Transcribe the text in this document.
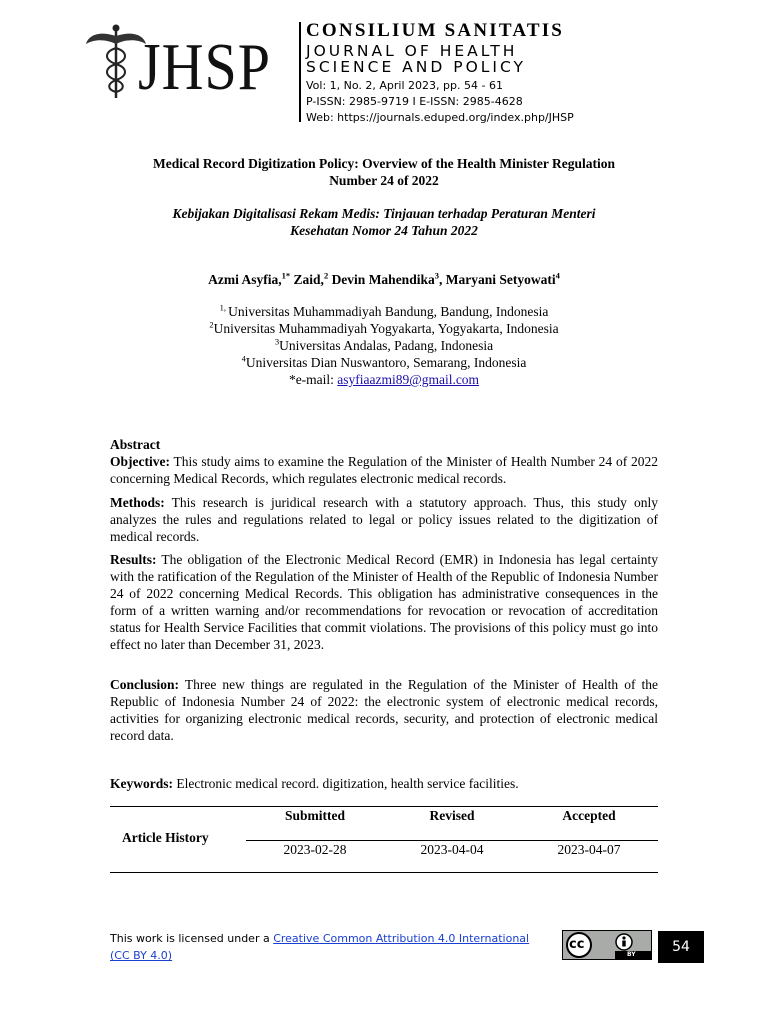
JHSP CONSILIUM SANITATIS
JOURNAL OF HEALTH
SCIENCE AND POLICY
Vol: 1, No. 2, April 2023, pp. 54 - 61
P-ISSN: 2985-9719 I E-ISSN: 2985-4628
Web: https://journals.eduped.org/index.php/JHSP
Medical Record Digitization Policy: Overview of the Health Minister Regulation
Number 24 of 2022
Kebijakan Digitalisasi Rekam Medis: Tinjauan terhadap Peraturan Menteri
Kesehatan Nomor 24 Tahun 2022
Azmi Asyfia,$^{1*}$ Zaid,$^2$ Devin Mahendika$^3$, Maryani Setyowati$^4$
$^{1,}$ Universitas Muhammadiyah Bandung, Bandung, Indonesia
$^2$Universitas Muhammadiyah Yogyakarta, Yogyakarta, Indonesia
$^3$Universitas Andalas, Padang, Indonesia
$^4$Universitas Dian Nuswantoro, Semarang, Indonesia
*e-mail: asyfiaazmi89@gmail.com
Abstract
Objective: This study aims to examine the Regulation of the Minister of Health Number 24 of 2022 concerning Medical Records, which regulates electronic medical records.
Methods: This research is juridical research with a statutory approach. Thus, this study only analyzes the rules and regulations related to legal or policy issues related to the digitization of medical records.
Results: The obligation of the Electronic Medical Record (EMR) in Indonesia has legal certainty with the ratification of the Regulation of the Minister of Health of the Republic of Indonesia Number 24 of 2022 concerning Medical Records. This obligation has administrative consequences in the form of a written warning and/or recommendations for revocation or revocation of accreditation status for Health Service Facilities that commit violations. The provisions of this policy must go into effect no later than December 31, 2023.
Conclusion: Three new things are regulated in the Regulation of the Minister of Health of the Republic of Indonesia Number 24 of 2022: the electronic system of electronic medical records, activities for organizing electronic medical records, security, and protection of electronic medical record data.
Keywords: Electronic medical record. digitization, health service facilities.
Article History
Submitted	Revised	Accepted
2023-02-28	2023-04-04	2023-04-07
This work is licensed under a Creative Common Attribution 4.0 International
(CC BY 4.0)
cc
BY	54
